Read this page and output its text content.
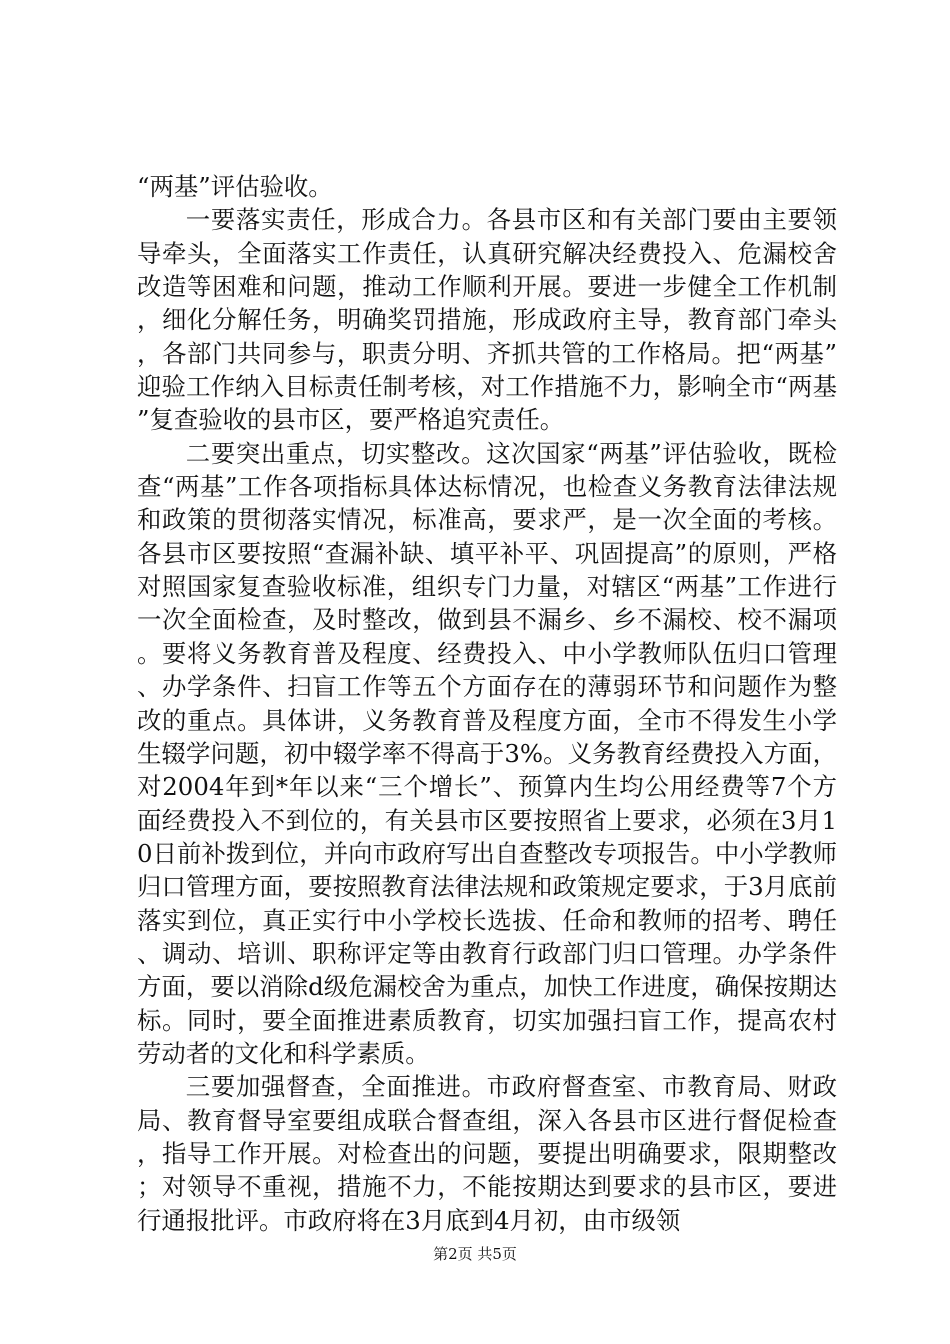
“两基”评估验收。

一要落实责任，形成合力。各县市区和有关部门要由主要领导牵头，全面落实工作责任，认真研究解决经费投入、危漏校舍改造等困难和问题，推动工作顺利开展。要进一步健全工作机制，细化分解任务，明确奖罚措施，形成政府主导，教育部门牵头，各部门共同参与，职责分明、齐抓共管的工作格局。把“两基”迎验工作纳入目标责任制考核，对工作措施不力，影响全市“两基”复查验收的县市区，要严格追究责任。

二要突出重点，切实整改。这次国家“两基”评估验收，既检查“两基”工作各项指标具体达标情况，也检查义务教育法律法规和政策的贯彻落实情况，标准高，要求严，是一次全面的考核。各县市区要按照“查漏补缺、填平补平、巩固提高”的原则，严格对照国家复查验收标准，组织专门力量，对辖区“两基”工作进行一次全面检查，及时整改，做到县不漏乡、乡不漏校、校不漏项。要将义务教育普及程度、经费投入、中小学教师队伍归口管理、办学条件、扫盲工作等五个方面存在的薄弱环节和问题作为整改的重点。具体讲，义务教育普及程度方面，全市不得发生小学生辍学问题，初中辍学率不得高于3%。义务教育经费投入方面，对2004年到*年以来“三个增长”、预算内生均公用经费等7个方面经费投入不到位的，有关县市区要按照省上要求，必须在3月10日前补拨到位，并向市政府写出自查整改专项报告。中小学教师归口管理方面，要按照教育法律法规和政策规定要求，于3月底前落实到位，真正实行中小学校长选拔、任命和教师的招考、聘任、调动、培训、职称评定等由教育行政部门归口管理。办学条件方面，要以消除d级危漏校舍为重点，加快工作进度，确保按期达标。同时，要全面推进素质教育，切实加强扫盲工作，提高农村劳动者的文化和科学素质。

三要加强督查，全面推进。市政府督查室、市教育局、财政局、教育督导室要组成联合督查组，深入各县市区进行督促检查，指导工作开展。对检查出的问题，要提出明确要求，限期整改；对领导不重视，措施不力，不能按期达到要求的县市区，要进行通报批评。市政府将在3月底到4月初，由市级领

第2页 共5页
